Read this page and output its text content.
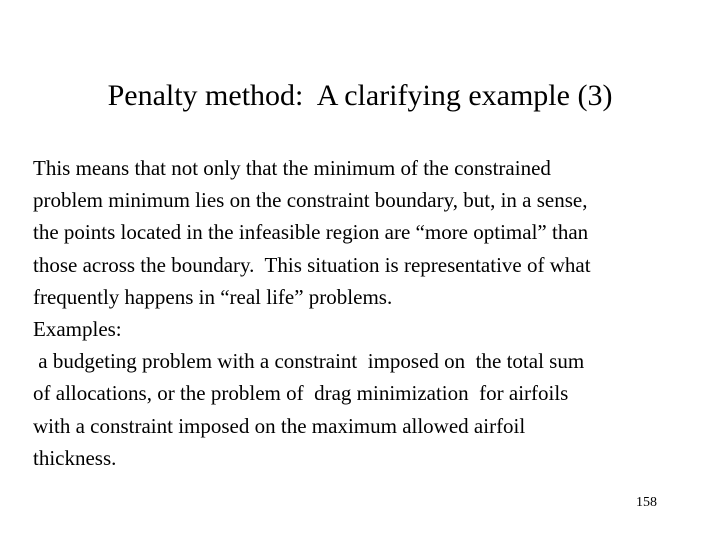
Penalty method:  A clarifying example (3)
This means that not only that the minimum of the constrained
problem minimum lies on the constraint boundary, but, in a sense,
the points located in the infeasible region are “more optimal” than
those across the boundary.  This situation is representative of what
frequently happens in “real life” problems.
Examples:
a budgeting problem with a constraint  imposed on  the total sum
of allocations, or the problem of  drag minimization  for airfoils
with a constraint imposed on the maximum allowed airfoil
thickness.
158
